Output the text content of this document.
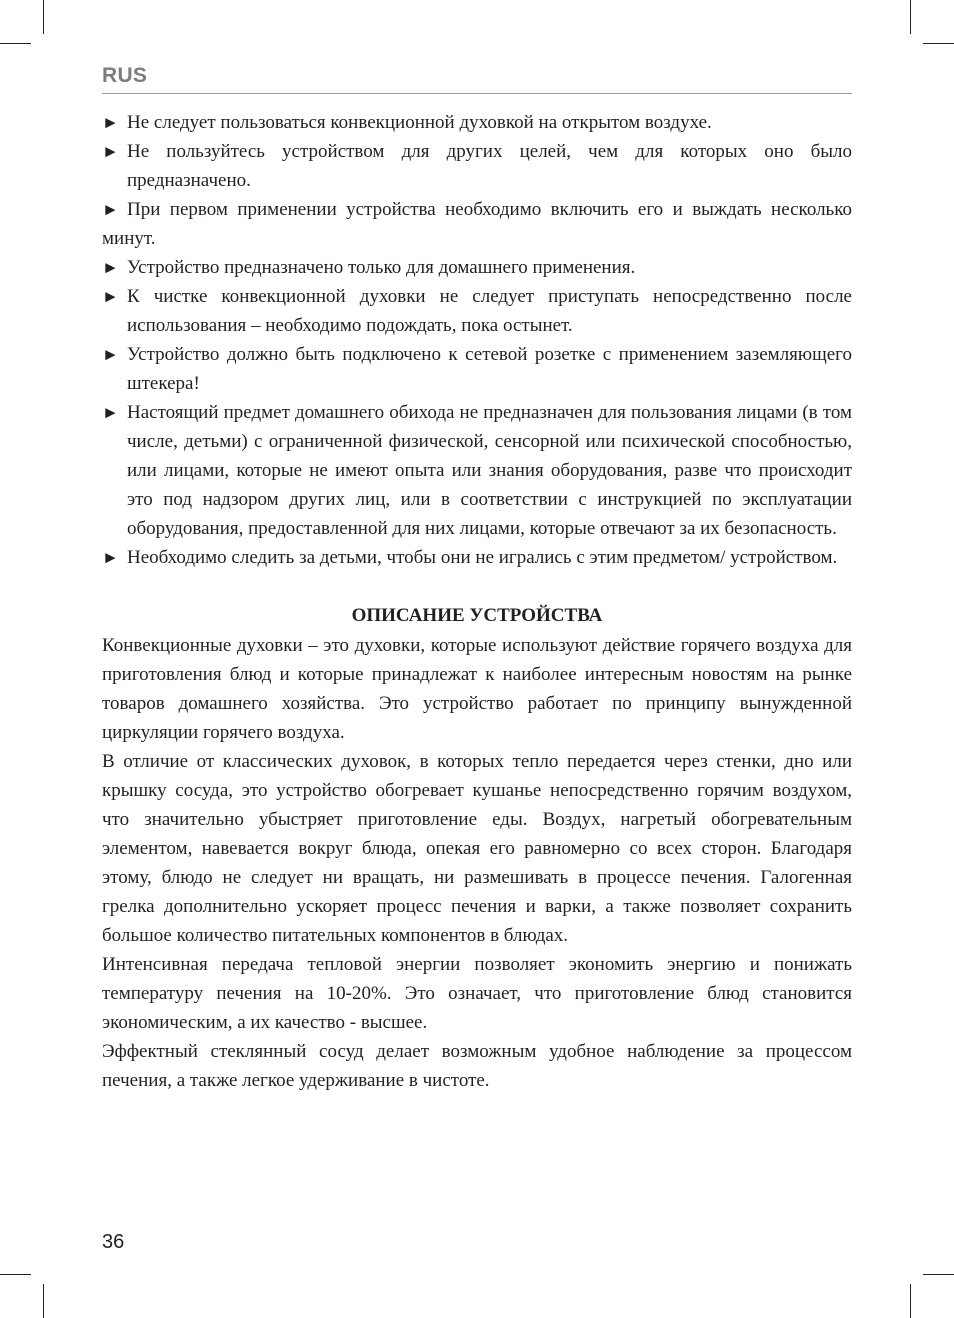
RUS
► Не следует пользоваться конвекционной духовкой на открытом воздухе.
► Не пользуйтесь устройством для других целей, чем для которых оно было предназначено.
► При первом применении устройства необходимо включить его и выждать несколько минут.
► Устройство предназначено только для домашнего применения.
► К чистке конвекционной духовки не следует приступать непосредственно после использования – необходимо подождать, пока остынет.
► Устройство должно быть подключено к сетевой розетке с применением заземляющего штекера!
► Настоящий предмет домашнего обихода не предназначен для пользования лицами (в том числе, детьми) с ограниченной физической, сенсорной или психической способностью, или лицами, которые не имеют опыта или знания оборудования, разве что происходит это под надзором других лиц, или в соответствии с инструкцией по эксплуатации оборудования, предоставленной для них лицами, которые отвечают за их безопасность.
► Необходимо следить за детьми, чтобы они не игрались с этим предметом/ устройством.
ОПИСАНИЕ УСТРОЙСТВА

Конвекционные духовки – это духовки, которые используют действие горячего воздуха для приготовления блюд и которые принадлежат к наиболее интересным новостям на рынке товаров домашнего хозяйства. Это устройство работает по принципу вынужденной циркуляции горячего воздуха.

В отличие от классических духовок, в которых тепло передается через стенки, дно или крышку сосуда, это устройство обогревает кушанье непосредственно горячим воздухом, что значительно убыстряет приготовление еды. Воздух, нагретый обогревательным элементом, навевается вокруг блюда, опекая его равномерно со всех сторон. Благодаря этому, блюдо не следует ни вращать, ни размешивать в процессе печения. Галогенная грелка дополнительно ускоряет процесс печения и варки, а также позволяет сохранить большое количество питательных компонентов в блюдах.

Интенсивная передача тепловой энергии позволяет экономить энергию и понижать температуру печения на 10-20%. Это означает, что приготовление блюд становится экономическим, а их качество - высшее.

Эффектный стеклянный сосуд делает возможным удобное наблюдение за процессом печения, а также легкое удерживание в чистоте.

36
